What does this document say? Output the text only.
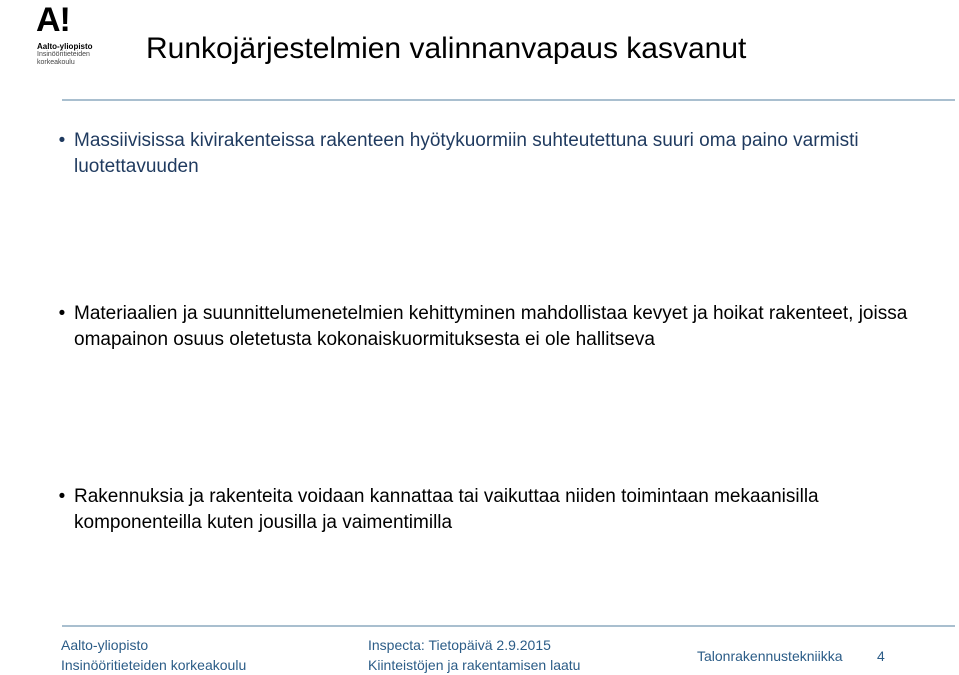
A!
Aalto-yliopisto
Insinööritieteiden
korkeakoulu Runkojärjestelmien valinnanvapaus kasvanut
• Massiivisissa kivirakenteissa rakenteen hyötykuormiin suhteutettuna suuri oma paino varmisti luotettavuuden
• Materiaalien ja suunnittelumenetelmien kehittyminen mahdollistaa kevyet ja hoikat rakenteet, joissa omapainon osuus oletetusta kokonaiskuormituksesta ei ole hallitseva
• Rakennuksia ja rakenteita voidaan kannattaa tai vaikuttaa niiden toimintaan mekaanisilla komponenteilla kuten jousilla ja vaimentimilla
Aalto-yliopisto
Insinööritieteiden korkeakoulu
Inspecta: Tietopäivä 2.9.2015
Kiinteistöjen ja rakentamisen laatu
Talonrakennustekniikka 4
